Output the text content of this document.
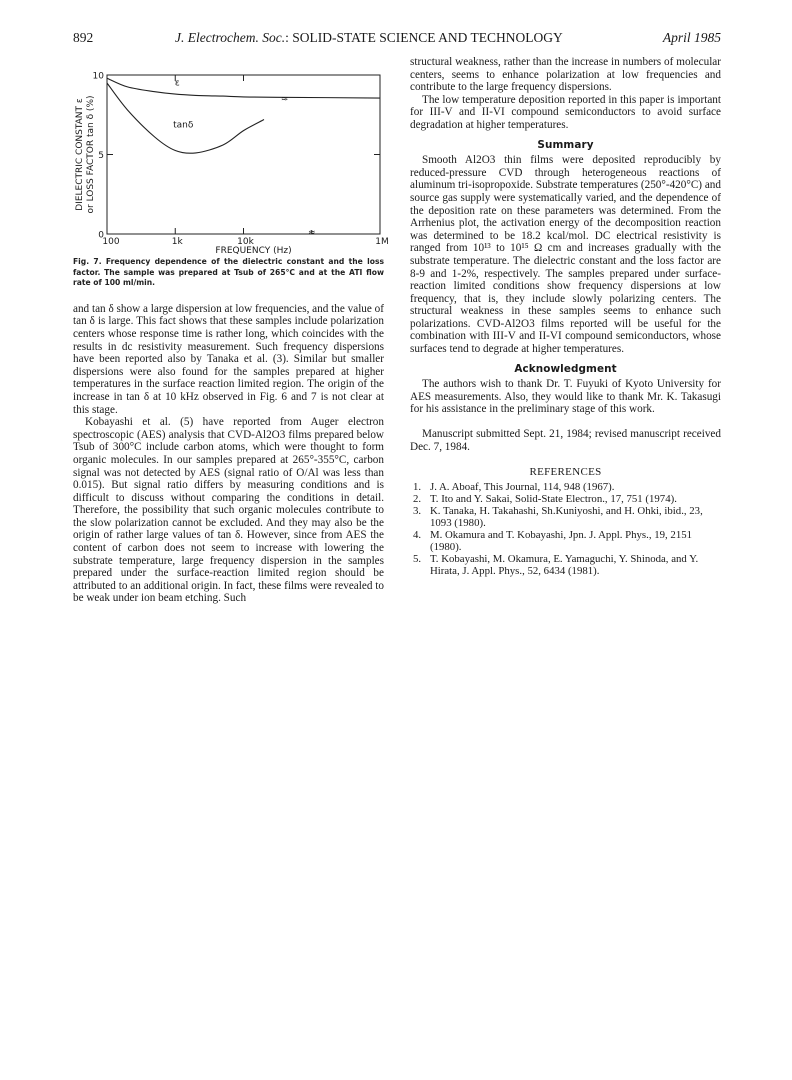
892	J. Electrochem. Soc.: SOLID-STATE SCIENCE AND TECHNOLOGY	April 1985
100	1k	10k	1M
0
5
10
ε
tanδ
≈
≈
FREQUENCY (Hz)
DIELECTRIC CONSTANT ε or LOSS FACTOR tan δ (%)
Fig. 7. Frequency dependence of the dielectric constant and the loss factor. The sample was prepared at Tsub of 265°C and at the ATI flow rate of 100 ml/min.

and tan δ show a large dispersion at low frequencies, and the value of tan δ is large. This fact shows that these samples include polarization centers whose response time is rather long, which coincides with the results in dc resistivity measurement. Such frequency dispersions have been reported also by Tanaka et al. (3). Similar but smaller dispersions were also found for the samples prepared at higher temperatures in the surface reaction limited region. The origin of the increase in tan δ at 10 kHz observed in Fig. 6 and 7 is not clear at this stage.

Kobayashi et al. (5) have reported from Auger electron spectroscopic (AES) analysis that CVD-Al2O3 films prepared below Tsub of 300°C include carbon atoms, which were thought to form organic molecules. In our samples prepared at 265°-355°C, carbon signal was not detected by AES (signal ratio of O/Al was less than 0.015). But signal ratio differs by measuring conditions and is difficult to discuss without comparing the conditions in detail. Therefore, the possibility that such organic molecules contribute to the slow polarization cannot be excluded. And they may also be the origin of rather large values of tan δ. However, since from AES the content of carbon does not seem to increase with lowering the substrate temperature, large frequency dispersion in the samples prepared under the surface-reaction limited region should be attributed to an additional origin. In fact, these films were revealed to be weak under ion beam etching. Such

structural weakness, rather than the increase in numbers of molecular centers, seems to enhance polarization at low frequencies and contribute to the large frequency dispersions.

The low temperature deposition reported in this paper is important for III-V and II-VI compound semiconductors to avoid surface degradation at higher temperatures.

Summary

Smooth Al2O3 thin films were deposited reproducibly by reduced-pressure CVD through heterogeneous reactions of aluminum tri-isopropoxide. Substrate temperatures (250°-420°C) and source gas supply were systematically varied, and the dependence of the deposition rate on these parameters was determined. From the Arrhenius plot, the activation energy of the decomposition reaction was determined to be 18.2 kcal/mol. DC electrical resistivity is ranged from 10¹³ to 10¹⁵ Ω cm and increases gradually with the substrate temperature. The dielectric constant and the loss factor are 8-9 and 1-2%, respectively. The samples prepared under surface-reaction limited conditions show frequency dispersions at low frequency, that is, they include slowly polarizing centers. The structural weakness in these samples seems to enhance such polarizations. CVD-Al2O3 films reported will be useful for the combination with III-V and II-VI compound semiconductors, whose surfaces tend to degrade at higher temperatures.

Acknowledgment

The authors wish to thank Dr. T. Fuyuki of Kyoto University for AES measurements. Also, they would like to thank Mr. K. Takasugi for his assistance in the preliminary stage of this work.

Manuscript submitted Sept. 21, 1984; revised manuscript received Dec. 7, 1984.

REFERENCES
1. J. A. Aboaf, This Journal, 114, 948 (1967).
2. T. Ito and Y. Sakai, Solid-State Electron., 17, 751 (1974).
3. K. Tanaka, H. Takahashi, Sh.Kuniyoshi, and H. Ohki, ibid., 23, 1093 (1980).
4. M. Okamura and T. Kobayashi, Jpn. J. Appl. Phys., 19, 2151 (1980).
5. T. Kobayashi, M. Okamura, E. Yamaguchi, Y. Shinoda, and Y. Hirata, J. Appl. Phys., 52, 6434 (1981).
